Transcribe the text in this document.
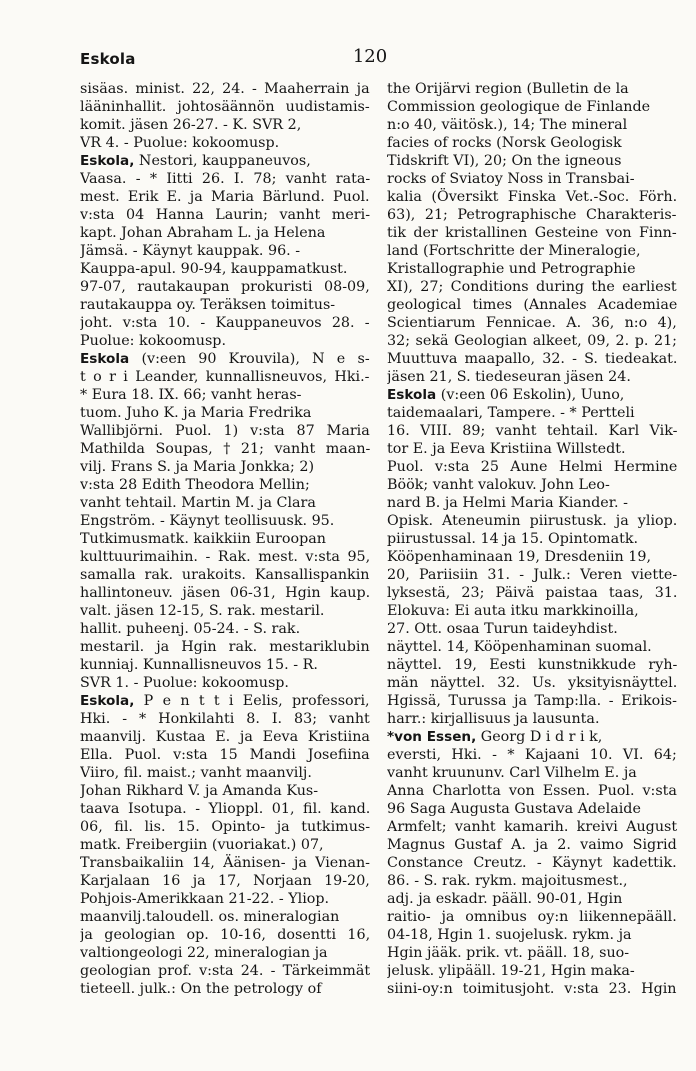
Eskola	120
sisäas. minist. 22, 24. - Maaherrain ja
lääninhallit. johtosäännön uudistamis-
komit. jäsen 26-27. - K. SVR 2,
VR 4. - Puolue: kokoomusp.
Eskola, Nestori, kauppaneuvos,
Vaasa. - * Iitti 26. I. 78; vanht rata-
mest. Erik E. ja Maria Bärlund. Puol.
v:sta 04 Hanna Laurin; vanht meri-
kapt. Johan Abraham L. ja Helena
Jämsä. - Käynyt kauppak. 96. -
Kauppa-apul. 90-94, kauppamatkust.
97-07, rautakaupan prokuristi 08-09,
rautakauppa oy. Teräksen toimitus-
joht. v:sta 10. - Kauppaneuvos 28. -
Puolue: kokoomusp.
Eskola (v:een 90 Krouvila), N e s-
t o r i Leander, kunnallisneuvos, Hki.-
* Eura 18. IX. 66; vanht heras-
tuom. Juho K. ja Maria Fredrika
Wallibjörni. Puol. 1) v:sta 87 Maria
Mathilda Soupas, † 21; vanht maan-
vilj. Frans S. ja Maria Jonkka; 2)
v:sta 28 Edith Theodora Mellin;
vanht tehtail. Martin M. ja Clara
Engström. - Käynyt teollisuusk. 95.
Tutkimusmatk. kaikkiin Euroopan
kulttuurimaihin. - Rak. mest. v:sta 95,
samalla rak. urakoits. Kansallispankin
hallintoneuv. jäsen 06-31, Hgin kaup.
valt. jäsen 12-15, S. rak. mestaril.
hallit. puheenj. 05-24. - S. rak.
mestaril. ja Hgin rak. mestariklubin
kunniaj. Kunnallisneuvos 15. - R.
SVR 1. - Puolue: kokoomusp.
Eskola, P e n t t i Eelis, professori,
Hki. - * Honkilahti 8. I. 83; vanht
maanvilj. Kustaa E. ja Eeva Kristiina
Ella. Puol. v:sta 15 Mandi Josefiina
Viiro, fil. maist.; vanht maanvilj.
Johan Rikhard V. ja Amanda Kus-
taava Isotupa. - Ylioppl. 01, fil. kand.
06, fil. lis. 15. Opinto- ja tutkimus-
matk. Freibergiin (vuoriakat.) 07,
Transbaikaliin 14, Äänisen- ja Vienan-
Karjalaan 16 ja 17, Norjaan 19-20,
Pohjois-Amerikkaan 21-22. - Yliop.
maanvilj.taloudell. os. mineralogian
ja geologian op. 10-16, dosentti 16,
valtiongeologi 22, mineralogian ja
geologian prof. v:sta 24. - Tärkeimmät
tieteell. julk.: On the petrology of
the Orijärvi region (Bulletin de la
Commission geologique de Finlande
n:o 40, väitösk.), 14; The mineral
facies of rocks (Norsk Geologisk
Tidskrift VI), 20; On the igneous
rocks of Sviatoy Noss in Transbai-
kalia (Översikt Finska Vet.-Soc. Förh.
63), 21; Petrographische Charakteris-
tik der kristallinen Gesteine von Finn-
land (Fortschritte der Mineralogie,
Kristallographie und Petrographie
XI), 27; Conditions during the earliest
geological times (Annales Academiae
Scientiarum Fennicae. A. 36, n:o 4),
32; sekä Geologian alkeet, 09, 2. p. 21;
Muuttuva maapallo, 32. - S. tiedeakat.
jäsen 21, S. tiedeseuran jäsen 24.
Eskola (v:een 06 Eskolin), Uuno,
taidemaalari, Tampere. - * Pertteli
16. VIII. 89; vanht tehtail. Karl Vik-
tor E. ja Eeva Kristiina Willstedt.
Puol. v:sta 25 Aune Helmi Hermine
Böök; vanht valokuv. John Leo-
nard B. ja Helmi Maria Kiander. -
Opisk. Ateneumin piirustusk. ja yliop.
piirustussal. 14 ja 15. Opintomatk.
Kööpenhaminaan 19, Dresdeniin 19,
20, Pariisiin 31. - Julk.: Veren viette-
lyksestä, 23; Päivä paistaa taas, 31.
Elokuva: Ei auta itku markkinoilla,
27. Ott. osaa Turun taideyhdist.
näyttel. 14, Kööpenhaminan suomal.
näyttel. 19, Eesti kunstnikkude ryh-
män näyttel. 32. Us. yksityisnäyttel.
Hgissä, Turussa ja Tamp:lla. - Erikois-
harr.: kirjallisuus ja lausunta.
*von Essen, Georg D i d r i k,
eversti, Hki. - * Kajaani 10. VI. 64;
vanht kruununv. Carl Vilhelm E. ja
Anna Charlotta von Essen. Puol. v:sta
96 Saga Augusta Gustava Adelaide
Armfelt; vanht kamarih. kreivi August
Magnus Gustaf A. ja 2. vaimo Sigrid
Constance Creutz. - Käynyt kadettik.
86. - S. rak. rykm. majoitusmest.,
adj. ja eskadr. pääll. 90-01, Hgin
raitio- ja omnibus oy:n liikennepääll.
04-18, Hgin 1. suojelusk. rykm. ja
Hgin jääk. prik. vt. pääll. 18, suo-
jelusk. ylipääll. 19-21, Hgin maka-
siini-oy:n toimitusjoht. v:sta 23. Hgin
